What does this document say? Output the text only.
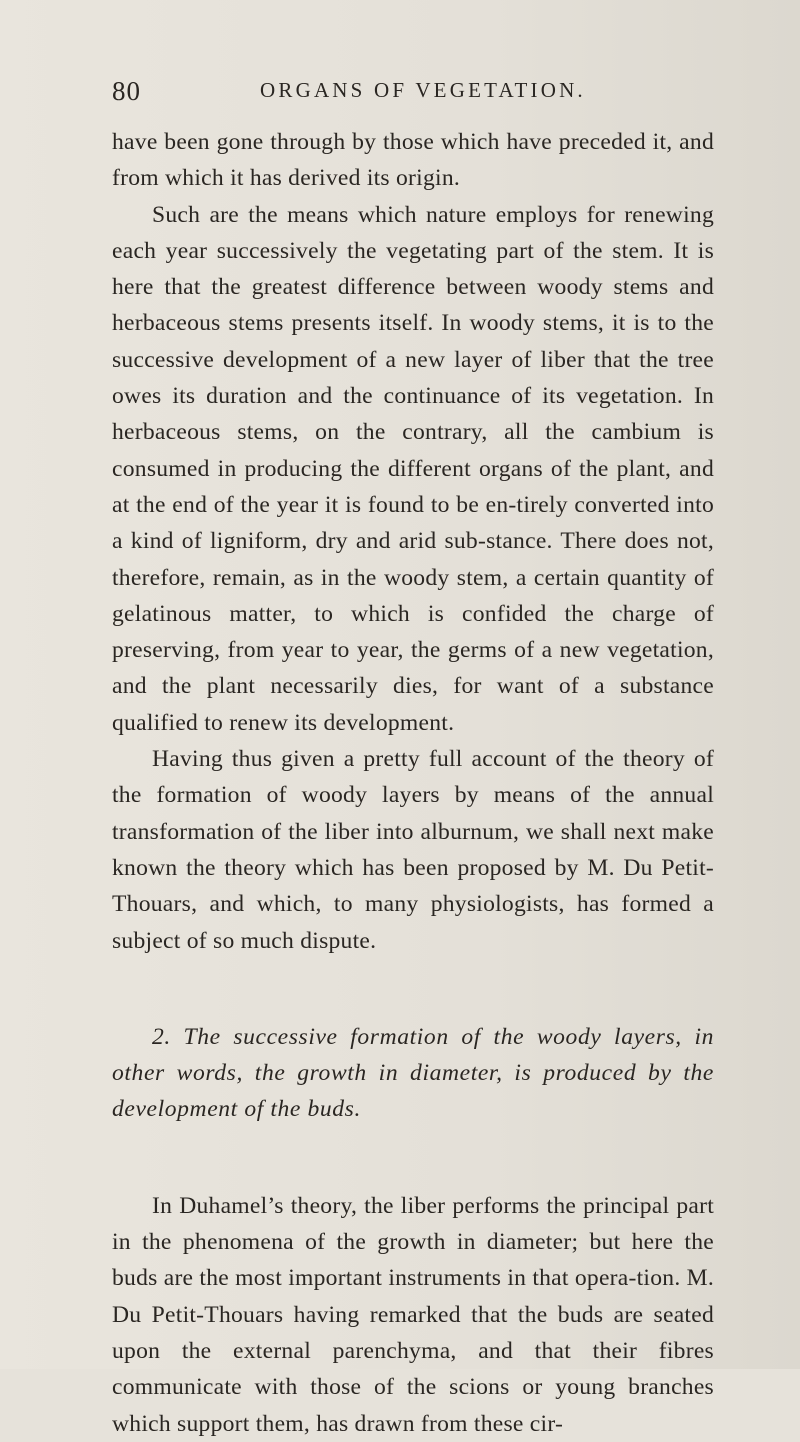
80	ORGANS OF VEGETATION.

have been gone through by those which have preceded it, and from which it has derived its origin.

Such are the means which nature employs for renewing each year successively the vegetating part of the stem. It is here that the greatest difference between woody stems and herbaceous stems presents itself. In woody stems, it is to the successive development of a new layer of liber that the tree owes its duration and the continuance of its vegetation. In herbaceous stems, on the contrary, all the cambium is consumed in producing the different organs of the plant, and at the end of the year it is found to be en-tirely converted into a kind of ligniform, dry and arid sub-stance. There does not, therefore, remain, as in the woody stem, a certain quantity of gelatinous matter, to which is confided the charge of preserving, from year to year, the germs of a new vegetation, and the plant necessarily dies, for want of a substance qualified to renew its development.

Having thus given a pretty full account of the theory of the formation of woody layers by means of the annual transformation of the liber into alburnum, we shall next make known the theory which has been proposed by M. Du Petit-Thouars, and which, to many physiologists, has formed a subject of so much dispute.

2. The successive formation of the woody layers, in other words, the growth in diameter, is produced by the development of the buds.

In Duhamel’s theory, the liber performs the principal part in the phenomena of the growth in diameter; but here the buds are the most important instruments in that opera-tion. M. Du Petit-Thouars having remarked that the buds are seated upon the external parenchyma, and that their fibres communicate with those of the scions or young branches which support them, has drawn from these cir-
